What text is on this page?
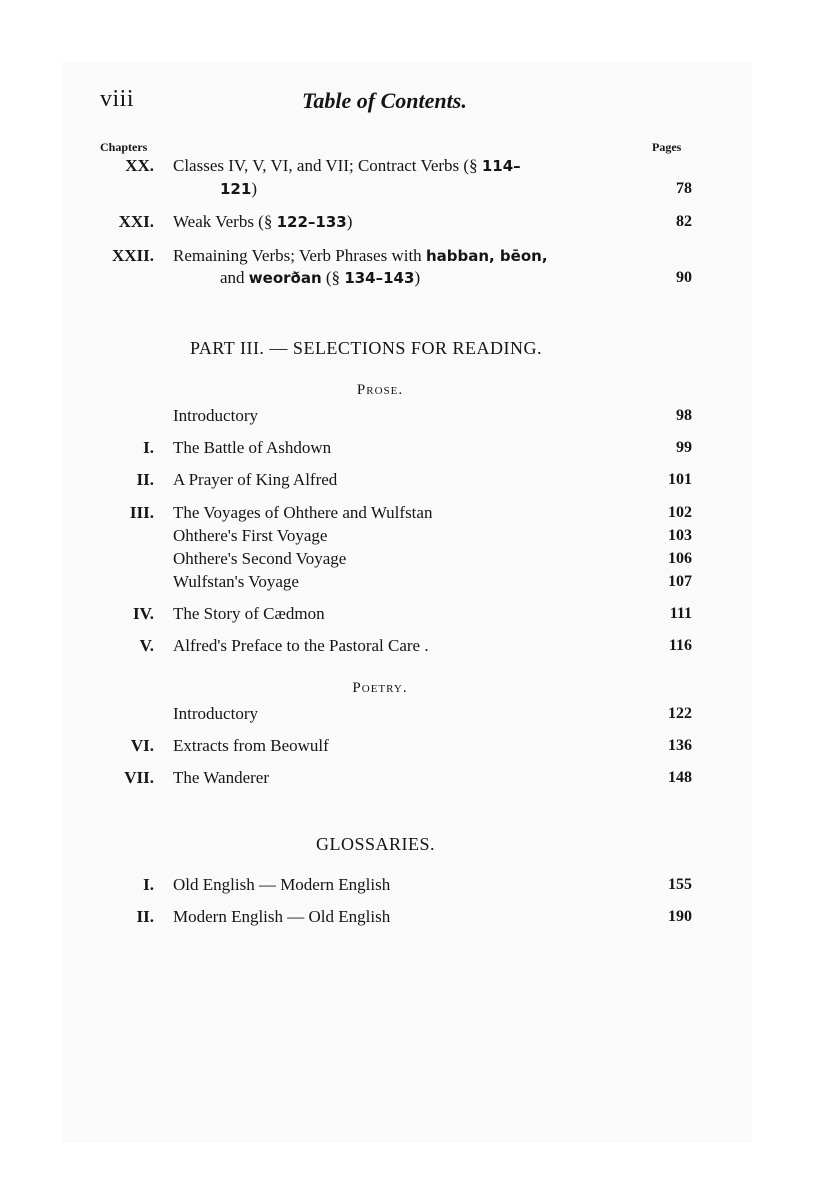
viii	Table of Contents.
Chapters	Pages
XX. Classes IV, V, VI, and VII; Contract Verbs (§ 114–
121)	78
XXI. Weak Verbs (§ 122–133)	82
XXII. Remaining Verbs; Verb Phrases with habban, bēon,
and weorðan (§ 134–143)	90
PART III. — SELECTIONS FOR READING.
Prose.
Introductory	98
I. The Battle of Ashdown	99
II. A Prayer of King Alfred	101
III. The Voyages of Ohthere and Wulfstan	102
Ohthere's First Voyage	103
Ohthere's Second Voyage	106
Wulfstan's Voyage	107
IV. The Story of Cædmon	111
V. Alfred's Preface to the Pastoral Care .	116
Poetry.
Introductory	122
VI. Extracts from Beowulf	136
VII. The Wanderer	148
GLOSSARIES.
I. Old English — Modern English	155
II. Modern English — Old English	190
